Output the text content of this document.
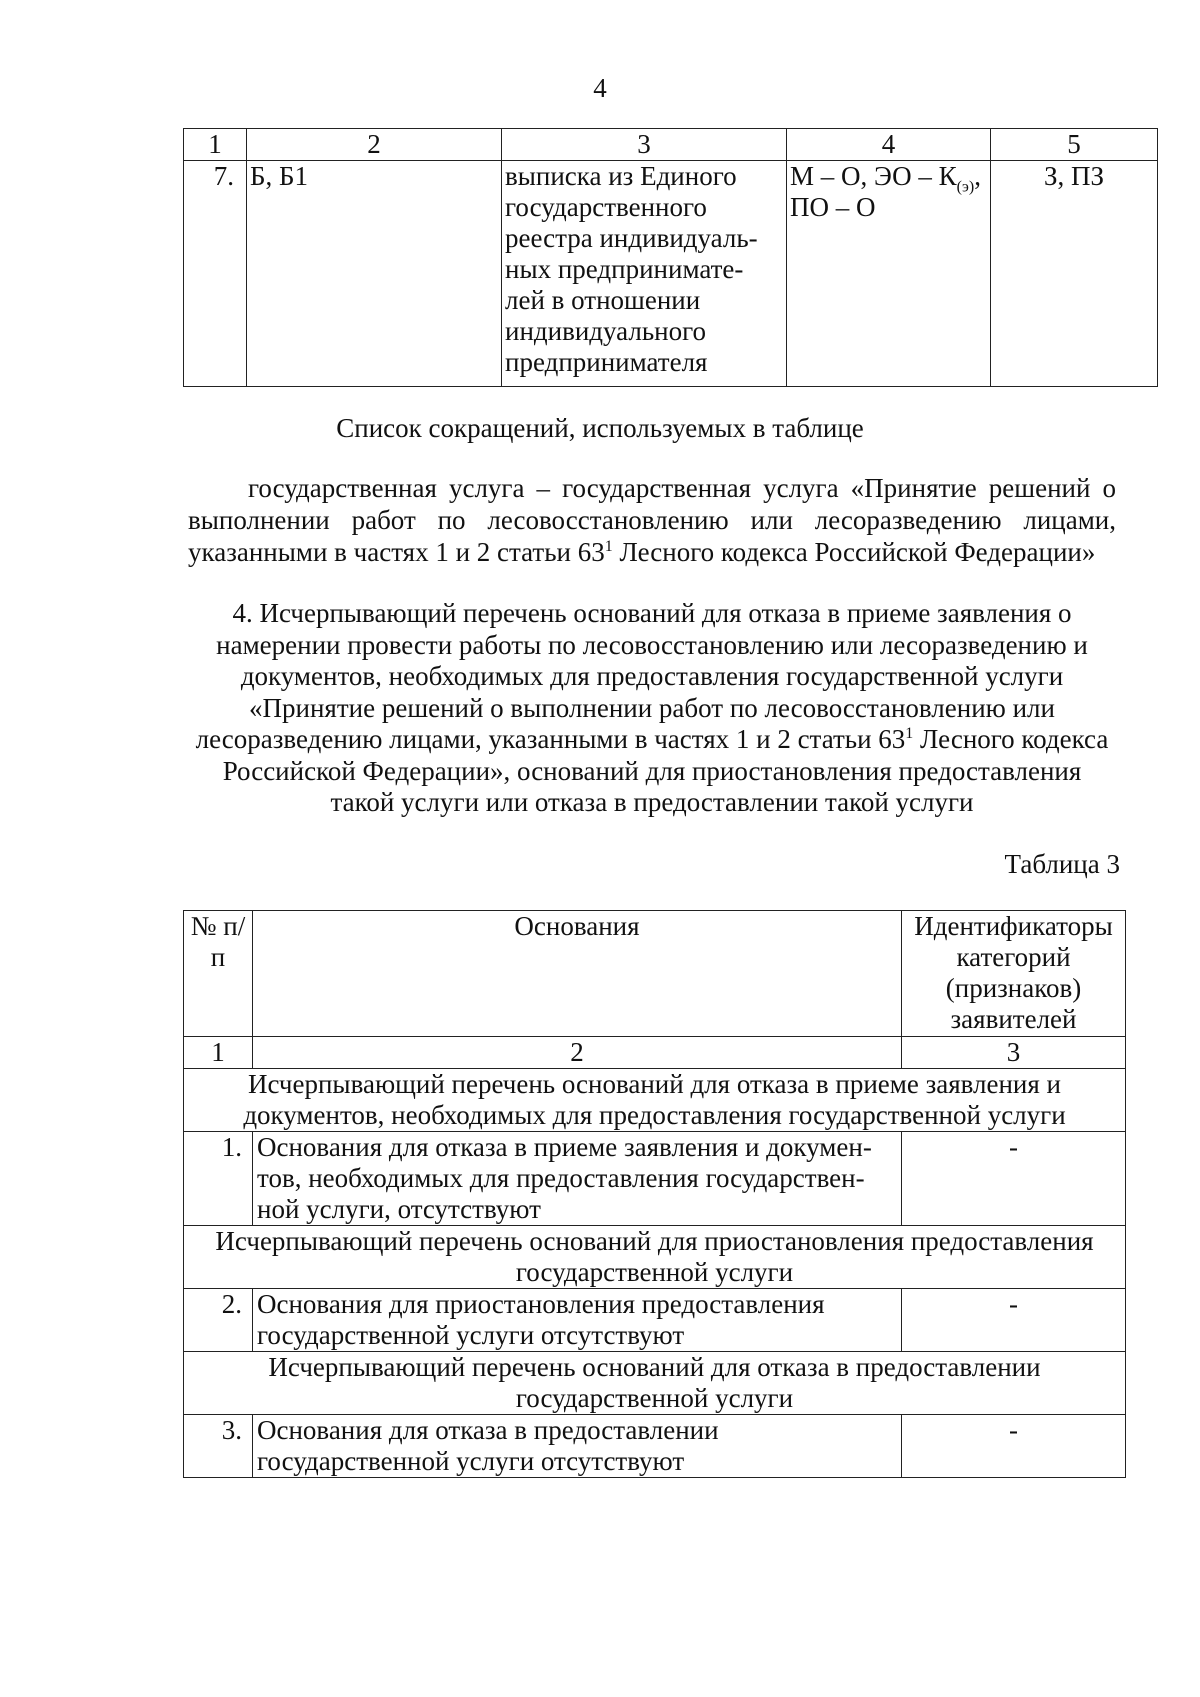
4
1	2	3	4	5
7.	Б, Б1	выписка из Единого государственного реестра индивидуаль-ных предпринимате-лей в отношении индивидуального предпринимателя	М – О, ЭО – $К_{(э)}$, ПО – О	З, ПЗ
Список сокращений, используемых в таблице
государственная услуга – государственная услуга «Принятие решений о выполнении работ по лесовосстановлению или лесоразведению лицами, указанными в частях 1 и 2 статьи $63^1$ Лесного кодекса Российской Федерации»
4. Исчерпывающий перечень оснований для отказа в приеме заявления о намерении провести работы по лесовосстановлению или лесоразведению и документов, необходимых для предоставления государственной услуги «Принятие решений о выполнении работ по лесовосстановлению или лесоразведению лицами, указанными в частях 1 и 2 статьи $63^1$ Лесного кодекса Российской Федерации», оснований для приостановления предоставления такой услуги или отказа в предоставлении такой услуги
Таблица 3
№ п/п	Основания	Идентификаторы категорий (признаков) заявителей
1	2	3
Исчерпывающий перечень оснований для отказа в приеме заявления и документов, необходимых для предоставления государственной услуги		
1.	Основания для отказа в приеме заявления и докумен-тов, необходимых для предоставления государствен-ной услуги, отсутствуют	-
Исчерпывающий перечень оснований для приостановления предоставления государственной услуги		
2.	Основания для приостановления предоставления государственной услуги отсутствуют	-
Исчерпывающий перечень оснований для отказа в предоставлении государственной услуги		
3.	Основания для отказа в предоставлении государственной услуги отсутствуют	-
